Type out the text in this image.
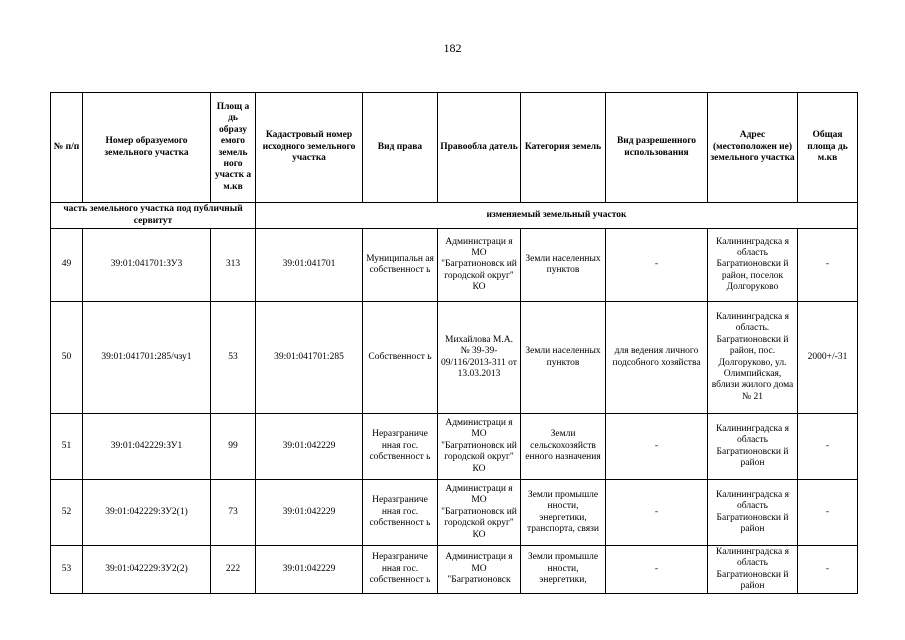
182
№ п/п	Номер образуемого земельного участка	Площ а дь образу емого земель ного участк а м.кв	Кадастровый номер исходного земельного участка	Вид права	Правообла датель	Категория земель	Вид разрешенного использования	Адрес (местоположен ие) земельного участка	Общая площа дь м.кв
часть земельного участка под публичный сервитут			изменяемый земельный участок						
49	39:01:041701:ЗУ3	313	39:01:041701	Муниципальн ая собственност ь	Администраци я МО "Багратионовск ий городской округ" КО	Земли населенных пунктов	-	Калининградска я область Багратионовски й район, поселок Долгоруково	-
50	39:01:041701:285/чзу1	53	39:01:041701:285	Собственност ь	Михайлова М.А. № 39-39-09/116/2013-311 от 13.03.2013	Земли населенных пунктов	для ведения личного подсобного хозяйства	Калининградска я область. Багратионовски й район, пос. Долгоруково, ул. Олимпийская, вблизи жилого дома № 21	2000+/-31
51	39:01:042229:ЗУ1	99	39:01:042229	Неразграниче нная гос. собственност ь	Администраци я МО "Багратионовск ий городской округ" КО	Земли сельскохозяйств енного назначения	-	Калининградска я область Багратионовски й район	-
52	39:01:042229:ЗУ2(1)	73	39:01:042229	Неразграниче нная гос. собственност ь	Администраци я МО "Багратионовск ий городской округ" КО	Земли промышле нности, энергетики, транспорта, связи	-	Калининградска я область Багратионовски й район	-
53	39:01:042229:ЗУ2(2)	222	39:01:042229	Неразграниче нная гос. собственност ь	Администраци я МО "Багратионовск	Земли промышле нности, энергетики,	-	Калининградска я область Багратионовски й район	-
